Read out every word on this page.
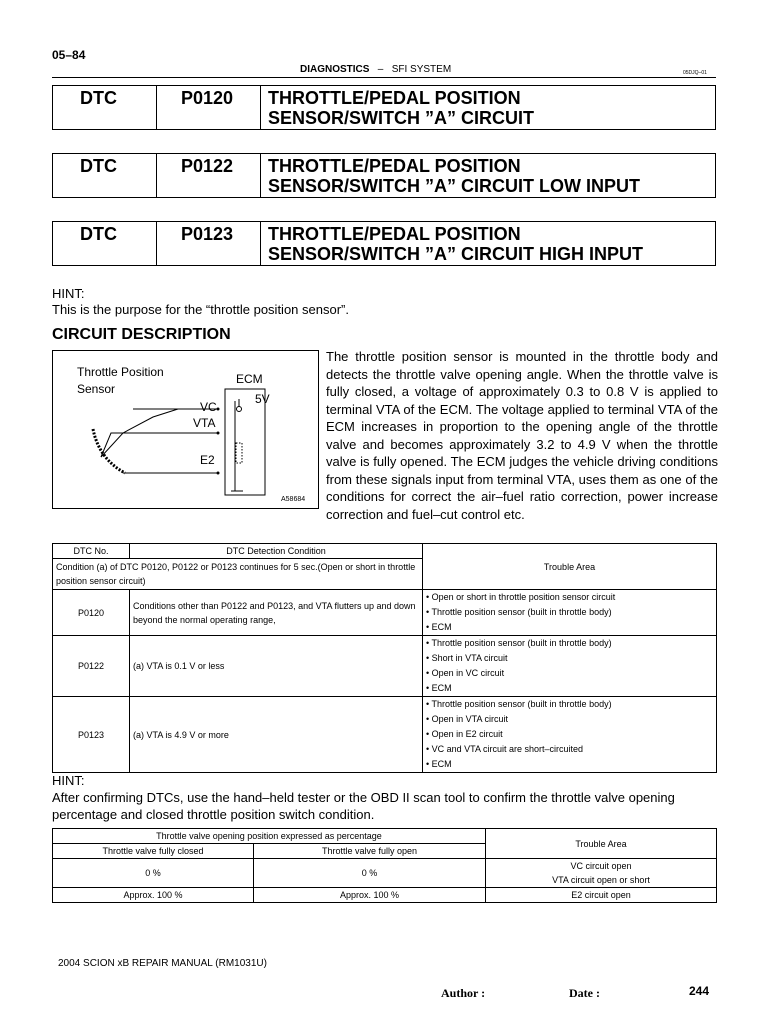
05–84
DIAGNOSTICS – SFI SYSTEM	05DJQ–01
DTC	P0120	THROTTLE/PEDAL POSITION
SENSOR/SWITCH ”A” CIRCUIT
DTC	P0122	THROTTLE/PEDAL POSITION
SENSOR/SWITCH ”A” CIRCUIT LOW INPUT
DTC	P0123	THROTTLE/PEDAL POSITION
SENSOR/SWITCH ”A” CIRCUIT HIGH INPUT
HINT:
This is the purpose for the “throttle position sensor”.
CIRCUIT DESCRIPTION
Throttle Position
Sensor
ECM
5V
VC
VTA
E2
A58684
The throttle position sensor is mounted in the throttle body and detects the throttle valve opening angle. When the throttle valve is fully closed, a voltage of approximately 0.3 to 0.8 V is applied to terminal VTA of the ECM. The voltage applied to terminal VTA of the ECM increases in proportion to the opening angle of the throttle valve and becomes approximately 3.2 to 4.9 V when the throttle valve is fully opened. The ECM judges the vehicle driving conditions from these signals input from terminal VTA, uses them as one of the conditions for correct the air–fuel ratio correction, power increase correction and fuel–cut control etc.
DTC No.	DTC Detection Condition	Trouble Area
Condition (a) of DTC P0120, P0122 or P0123 continues for 5 sec.(Open or short in throttle position sensor circuit)		
P0120	Conditions other than P0122 and P0123, and VTA flutters up and down beyond the normal operating range,	• Open or short in throttle position sensor circuit
• Throttle position sensor (built in throttle body)
• ECM

P0122	(a) VTA is 0.1 V or less	• Throttle position sensor (built in throttle body)
• Short in VTA circuit
• Open in VC circuit
• ECM

P0123	(a) VTA is 4.9 V or more	• Throttle position sensor (built in throttle body)
• Open in VTA circuit
• Open in E2 circuit
• VC and VTA circuit are short–circuited
• ECM
HINT:
After confirming DTCs, use the hand–held tester or the OBD II scan tool to confirm the throttle valve opening percentage and closed throttle position switch condition.
Throttle valve opening position expressed as percentage		Trouble Area
Throttle valve fully closed	Throttle valve fully open	
0 %	0 %	VC circuit open
VTA circuit open or short

Approx. 100 %	Approx. 100 %	E2 circuit open
2004 SCION xB REPAIR MANUAL (RM1031U)
Author :	Date :	244
